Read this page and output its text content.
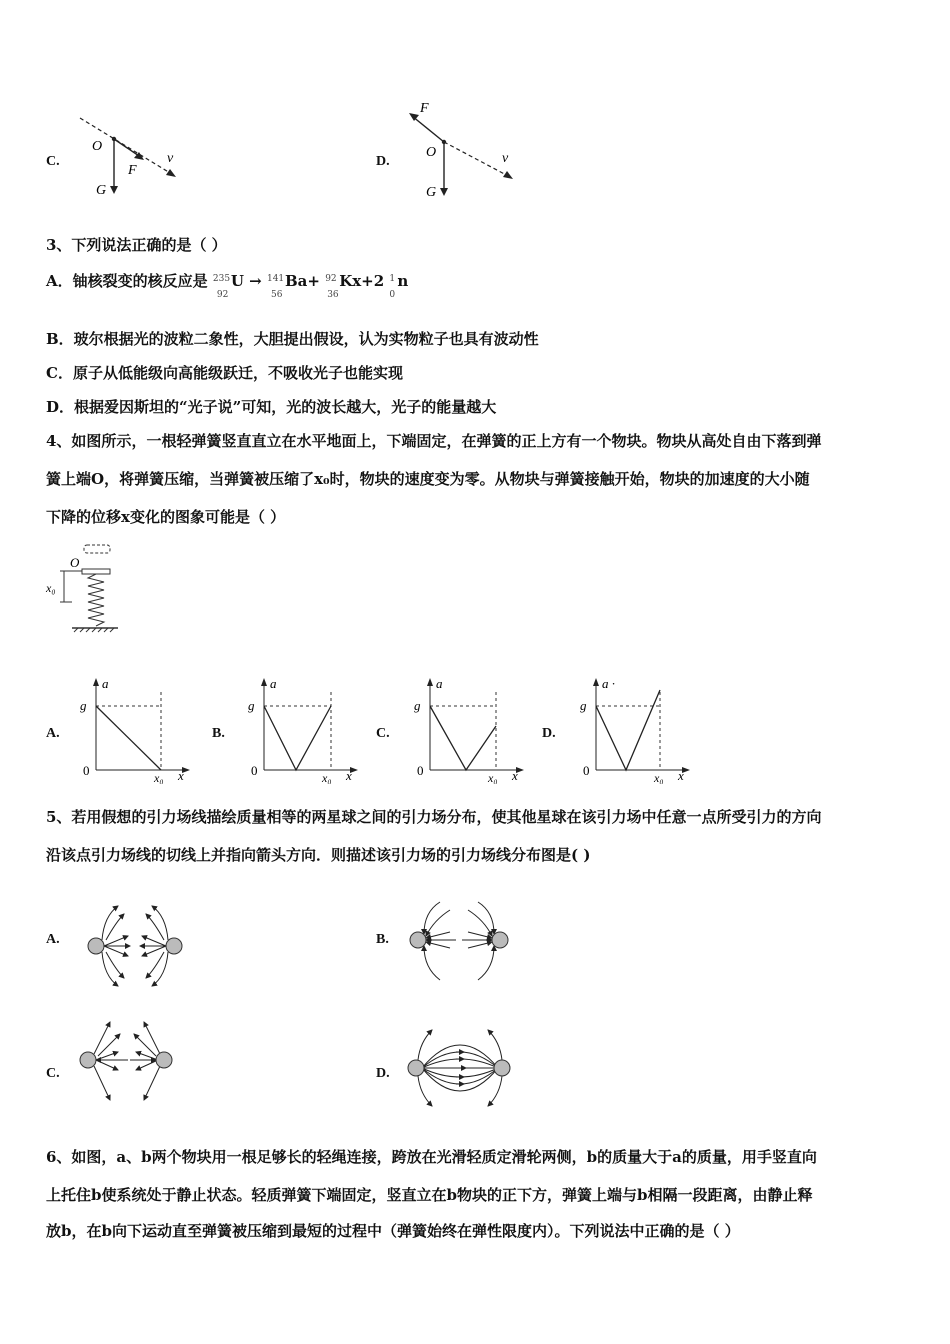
C.
O
F
v
G
D.
F
O	v
G
3、下列说法正确的是（ ）
A．铀核裂变的核反应是 235
92
U → 141
56
Ba+ 92
36
Kx+2 1
0
n
B．玻尔根据光的波粒二象性，大胆提出假设，认为实物粒子也具有波动性
C．原子从低能级向高能级跃迁，不吸收光子也能实现
D．根据爱因斯坦的“光子说”可知，光的波长越大，光子的能量越大
4、如图所示，一根轻弹簧竖直直立在水平地面上，下端固定，在弹簧的正上方有一个物块。物块从高处自由下落到弹
簧上端O，将弹簧压缩，当弹簧被压缩了x₀时，物块的速度变为零。从物块与弹簧接触开始，物块的加速度的大小随
下降的位移x变化的图象可能是（ ）
O
x₀
A.
a
g
0	x₀ x
B.
a
g
0	x₀ x
C.
a
g
0	x₀ x
D.
a ·
g
0	x₀ x
5、若用假想的引力场线描绘质量相等的两星球之间的引力场分布，使其他星球在该引力场中任意一点所受引力的方向
沿该点引力场线的切线上并指向箭头方向．则描述该引力场的引力场线分布图是( )
A.	B.
C.	D.
6、如图，a、b两个物块用一根足够长的轻绳连接，跨放在光滑轻质定滑轮两侧，b的质量大于a的质量，用手竖直向
上托住b使系统处于静止状态。轻质弹簧下端固定，竖直立在b物块的正下方，弹簧上端与b相隔一段距离，由静止释
放b，在b向下运动直至弹簧被压缩到最短的过程中（弹簧始终在弹性限度内）。下列说法中正确的是（ ）
